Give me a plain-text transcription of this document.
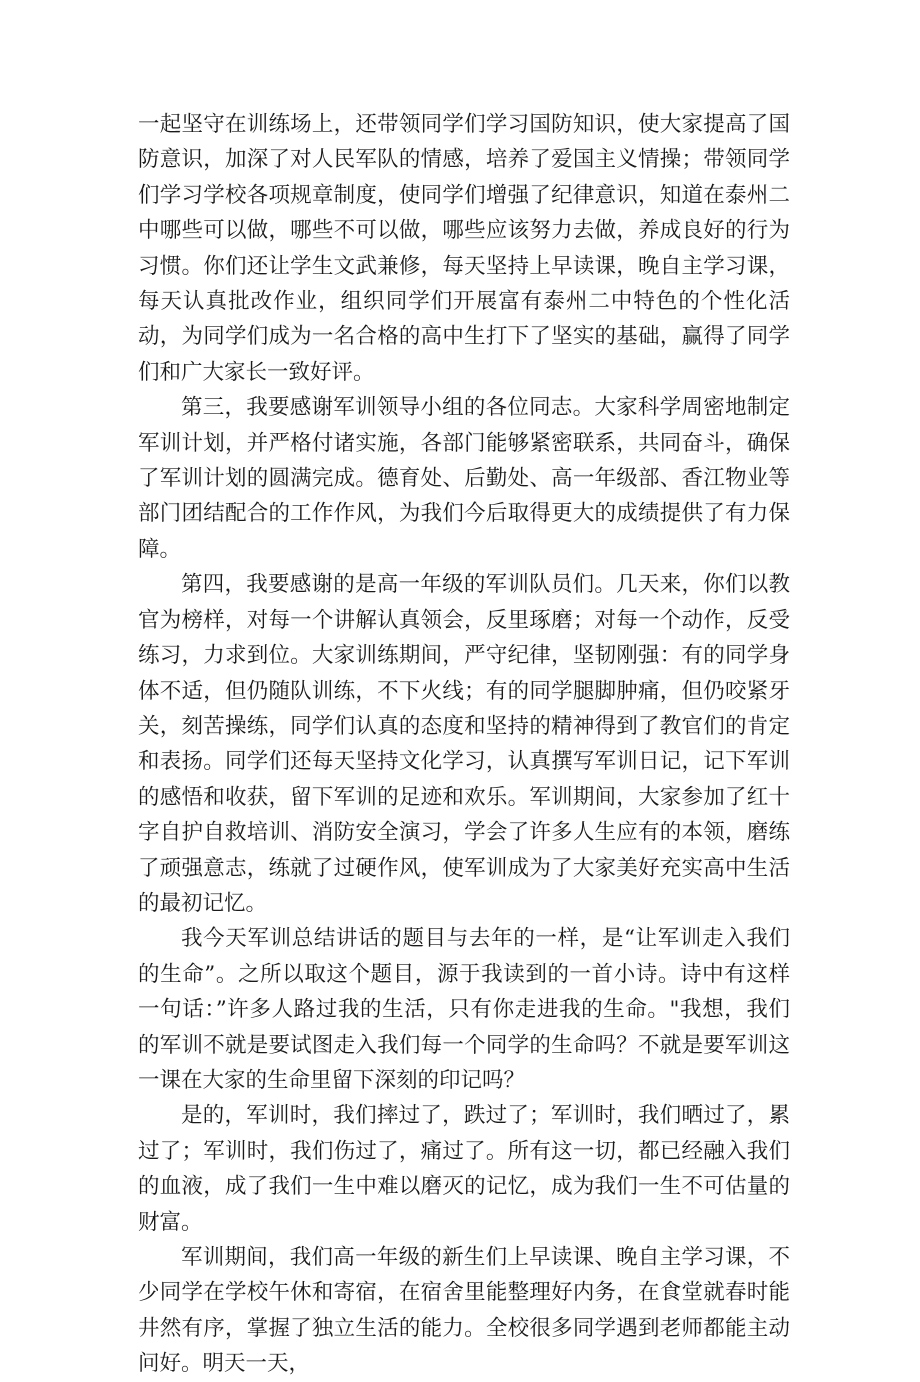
一起坚守在训练场上，还带领同学们学习国防知识，使大家提高了国防意识，加深了对人民军队的情感，培养了爱国主义情操；带领同学们学习学校各项规章制度，使同学们增强了纪律意识，知道在泰州二中哪些可以做，哪些不可以做，哪些应该努力去做，养成良好的行为习惯。你们还让学生文武兼修，每天坚持上早读课，晚自主学习课，每天认真批改作业，组织同学们开展富有泰州二中特色的个性化活动，为同学们成为一名合格的高中生打下了坚实的基础，赢得了同学们和广大家长一致好评。

第三，我要感谢军训领导小组的各位同志。大家科学周密地制定军训计划，并严格付诸实施，各部门能够紧密联系，共同奋斗，确保了军训计划的圆满完成。德育处、后勤处、高一年级部、香江物业等部门团结配合的工作作风，为我们今后取得更大的成绩提供了有力保障。

第四，我要感谢的是高一年级的军训队员们。几天来，你们以教官为榜样，对每一个讲解认真领会，反里琢磨；对每一个动作，反受练习，力求到位。大家训练期间，严守纪律，坚韧刚强：有的同学身体不适，但仍随队训练，不下火线；有的同学腿脚肿痛，但仍咬紧牙关，刻苦操练，同学们认真的态度和坚持的精神得到了教官们的肯定和表扬。同学们还每天坚持文化学习，认真撰写军训日记，记下军训的感悟和收获，留下军训的足迹和欢乐。军训期间，大家参加了红十字自护自救培训、消防安全演习，学会了许多人生应有的本领，磨练了顽强意志，练就了过硬作风，使军训成为了大家美好充实高中生活的最初记忆。

我今天军训总结讲话的题目与去年的一样，是“让军训走入我们的生命”。之所以取这个题目，源于我读到的一首小诗。诗中有这样一句话：”许多人路过我的生活，只有你走进我的生命。"我想，我们的军训不就是要试图走入我们每一个同学的生命吗？不就是要军训这一课在大家的生命里留下深刻的印记吗？

是的，军训时，我们摔过了，跌过了；军训时，我们晒过了，累过了；军训时，我们伤过了，痛过了。所有这一切，都已经融入我们的血液，成了我们一生中难以磨灭的记忆，成为我们一生不可估量的财富。

军训期间，我们高一年级的新生们上早读课、晚自主学习课，不少同学在学校午休和寄宿，在宿舍里能整理好内务，在食堂就春时能井然有序，掌握了独立生活的能力。全校很多同学遇到老师都能主动问好。明天一天，
